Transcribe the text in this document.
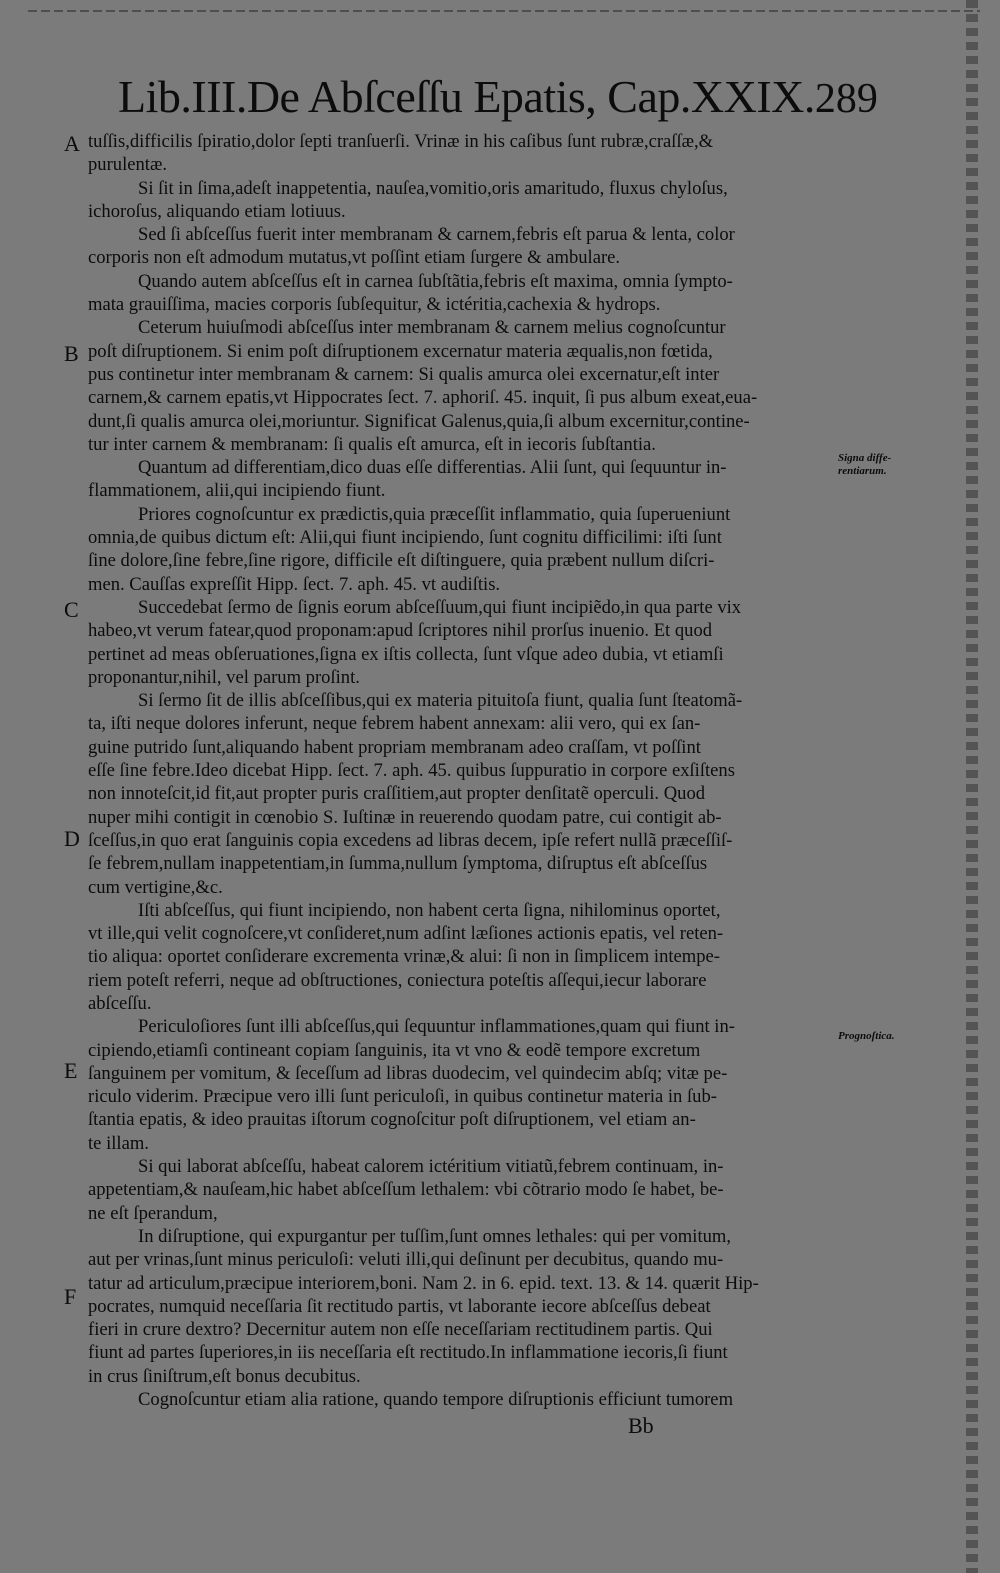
Lib.III.De Abſceſſu Epatis, Cap.XXIX. 289
A
B
C
D
E
F
Signa diffe-rentiarum.
Prognoſtica.
tuſſis,difficilis ſpiratio,dolor ſepti tranſuerſi. Vrinæ in his caſibus ſunt rubræ,craſſæ,&
purulentæ.
Si ſit in ſima,adeſt inappetentia, nauſea,vomitio,oris amaritudo, fluxus chyloſus,
ichoroſus, aliquando etiam lotiuus.
Sed ſi abſceſſus fuerit inter membranam & carnem,febris eſt parua & lenta, color
corporis non eſt admodum mutatus,vt poſſint etiam ſurgere & ambulare.
Quando autem abſceſſus eſt in carnea ſubſtãtia,febris eſt maxima, omnia ſympto-
mata grauiſſima, macies corporis ſubſequitur, & ictéritia,cachexia & hydrops.
Ceterum huiuſmodi abſceſſus inter membranam & carnem melius cognoſcuntur
poſt diſruptionem. Si enim poſt diſruptionem excernatur materia æqualis,non fœtida,
pus continetur inter membranam & carnem: Si qualis amurca olei excernatur,eſt inter
carnem,& carnem epatis,vt Hippocrates ſect. 7. aphoriſ. 45. inquit, ſi pus album exeat,eua-
dunt,ſi qualis amurca olei,moriuntur. Significat Galenus,quia,ſi album excernitur,contine-
tur inter carnem & membranam: ſi qualis eſt amurca, eſt in iecoris ſubſtantia.
Quantum ad differentiam,dico duas eſſe differentias. Alii ſunt, qui ſequuntur in-
flammationem, alii,qui incipiendo fiunt.
Priores cognoſcuntur ex prædictis,quia præceſſit inflammatio, quia ſuperueniunt
omnia,de quibus dictum eſt: Alii,qui fiunt incipiendo, ſunt cognitu difficilimi: iſti ſunt
ſine dolore,ſine febre,ſine rigore, difficile eſt diſtinguere, quia præbent nullum diſcri-
men. Cauſſas expreſſit Hipp. ſect. 7. aph. 45. vt audiſtis.
Succedebat ſermo de ſignis eorum abſceſſuum,qui fiunt incipiẽdo,in qua parte vix
habeo,vt verum fatear,quod proponam:apud ſcriptores nihil prorſus inuenio. Et quod
pertinet ad meas obſeruationes,ſigna ex iſtis collecta, ſunt vſque adeo dubia, vt etiamſi
proponantur,nihil, vel parum proſint.
Si ſermo ſit de illis abſceſſibus,qui ex materia pituitoſa fiunt, qualia ſunt ſteatomã-
ta, iſti neque dolores inferunt, neque febrem habent annexam: alii vero, qui ex ſan-
guine putrido ſunt,aliquando habent propriam membranam adeo craſſam, vt poſſint
eſſe ſine febre.Ideo dicebat Hipp. ſect. 7. aph. 45. quibus ſuppuratio in corpore exſiſtens
non innoteſcit,id fit,aut propter puris craſſitiem,aut propter denſitatẽ operculi. Quod
nuper mihi contigit in cœnobio S. Iuſtinæ in reuerendo quodam patre, cui contigit ab-
ſceſſus,in quo erat ſanguinis copia excedens ad libras decem, ipſe refert nullã præceſſiſ-
ſe febrem,nullam inappetentiam,in ſumma,nullum ſymptoma, diſruptus eſt abſceſſus
cum vertigine,&c.
Iſti abſceſſus, qui fiunt incipiendo, non habent certa ſigna, nihilominus oportet,
vt ille,qui velit cognoſcere,vt conſideret,num adſint læſiones actionis epatis, vel reten-
tio aliqua: oportet conſiderare excrementa vrinæ,& alui: ſi non in ſimplicem intempe-
riem poteſt referri, neque ad obſtructiones, coniectura poteſtis aſſequi,iecur laborare
abſceſſu.
Periculoſiores ſunt illi abſceſſus,qui ſequuntur inflammationes,quam qui fiunt in-
cipiendo,etiamſi contineant copiam ſanguinis, ita vt vno & eodẽ tempore excretum
ſanguinem per vomitum, & ſeceſſum ad libras duodecim, vel quindecim abſq; vitæ pe-
riculo viderim. Præcipue vero illi ſunt periculoſi, in quibus continetur materia in ſub-
ſtantia epatis, & ideo prauitas iſtorum cognoſcitur poſt diſruptionem, vel etiam an-
te illam.
Si qui laborat abſceſſu, habeat calorem ictéritium vitiatũ,febrem continuam, in-
appetentiam,& nauſeam,hic habet abſceſſum lethalem: vbi cõtrario modo ſe habet, be-
ne eſt ſperandum,
In diſruptione, qui expurgantur per tuſſim,ſunt omnes lethales: qui per vomitum,
aut per vrinas,ſunt minus periculoſi: veluti illi,qui deſinunt per decubitus, quando mu-
tatur ad articulum,præcipue interiorem,boni. Nam 2. in 6. epid. text. 13. & 14. quærit Hip-
pocrates, numquid neceſſaria ſit rectitudo partis, vt laborante iecore abſceſſus debeat
fieri in crure dextro? Decernitur autem non eſſe neceſſariam rectitudinem partis. Qui
fiunt ad partes ſuperiores,in iis neceſſaria eſt rectitudo.In inflammatione iecoris,ſi fiunt
in crus ſiniſtrum,eſt bonus decubitus.
Cognoſcuntur etiam alia ratione, quando tempore diſruptionis efficiunt tumorem
Bb
